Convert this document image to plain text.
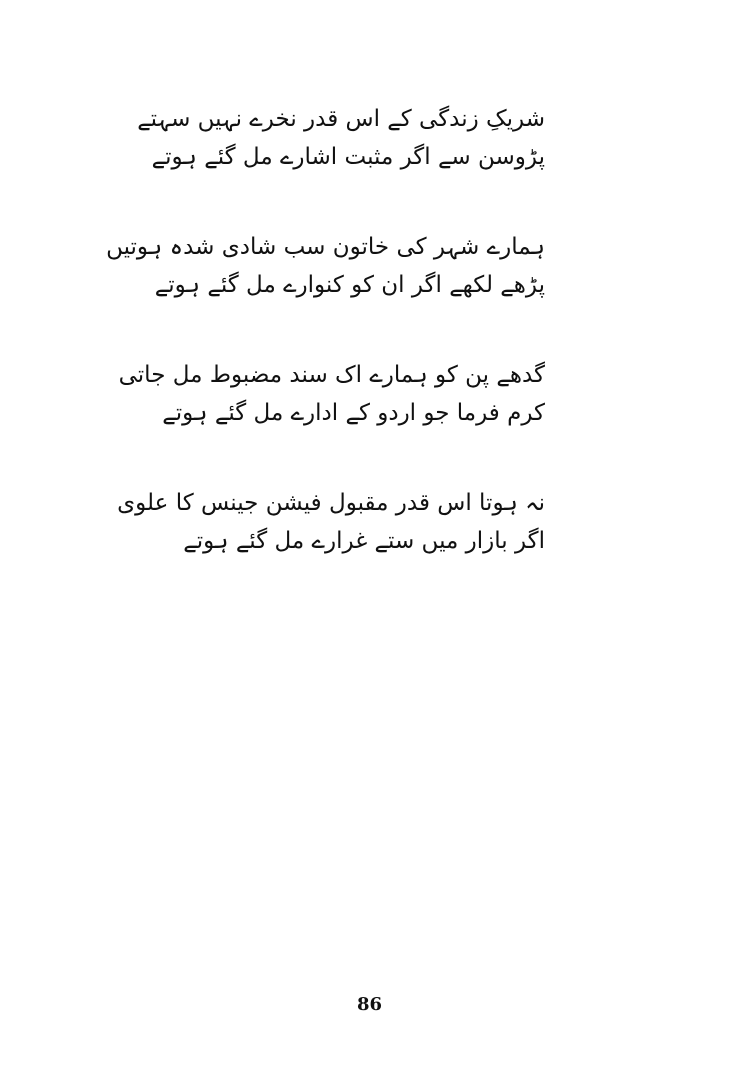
شریکِ زندگی کے اس قدر نخرے نہیں سہتے
پڑوسن سے اگر مثبت اشارے مل گئے ہوتے
ہمارے شہر کی خاتون سب شادی شدہ ہوتیں
پڑھے لکھے اگر ان کو کنوارے مل گئے ہوتے
گدھے پن کو ہمارے اک سند مضبوط مل جاتی
کرم فرما جو اردو کے ادارے مل گئے ہوتے
نہ ہوتا اس قدر مقبول فیشن جینس کا علوی
اگر بازار میں ستے غرارے مل گئے ہوتے
86
